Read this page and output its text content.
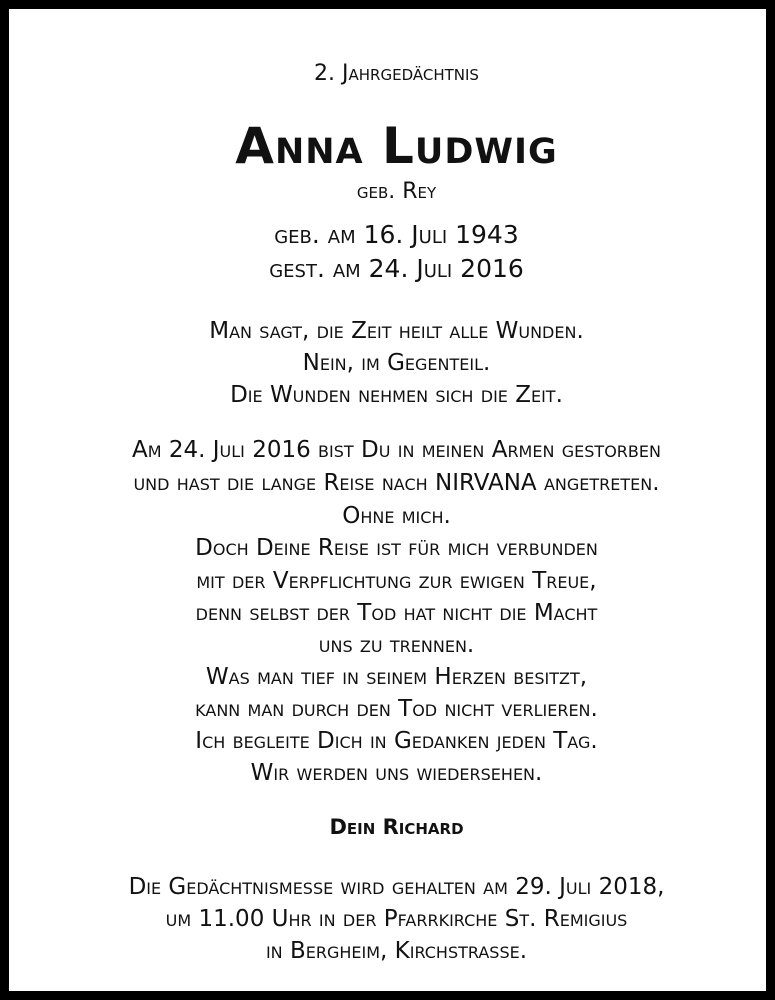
2. Jahrgedächtnis
Anna Ludwig
geb. Rey
geb. am 16. Juli 1943
gest. am 24. Juli 2016
Man sagt, die Zeit heilt alle Wunden.
Nein, im Gegenteil.
Die Wunden nehmen sich die Zeit.
Am 24. Juli 2016 bist Du in meinen Armen gestorben
und hast die lange Reise nach NIRVANA angetreten.
Ohne mich.
Doch Deine Reise ist für mich verbunden
mit der Verpflichtung zur ewigen Treue,
denn selbst der Tod hat nicht die Macht
uns zu trennen.
Was man tief in seinem Herzen besitzt,
kann man durch den Tod nicht verlieren.
Ich begleite Dich in Gedanken jeden Tag.
Wir werden uns wiedersehen.
Dein Richard
Die Gedächtnismesse wird gehalten am 29. Juli 2018,
um 11.00 Uhr in der Pfarrkirche St. Remigius
in Bergheim, Kirchstrasse.
